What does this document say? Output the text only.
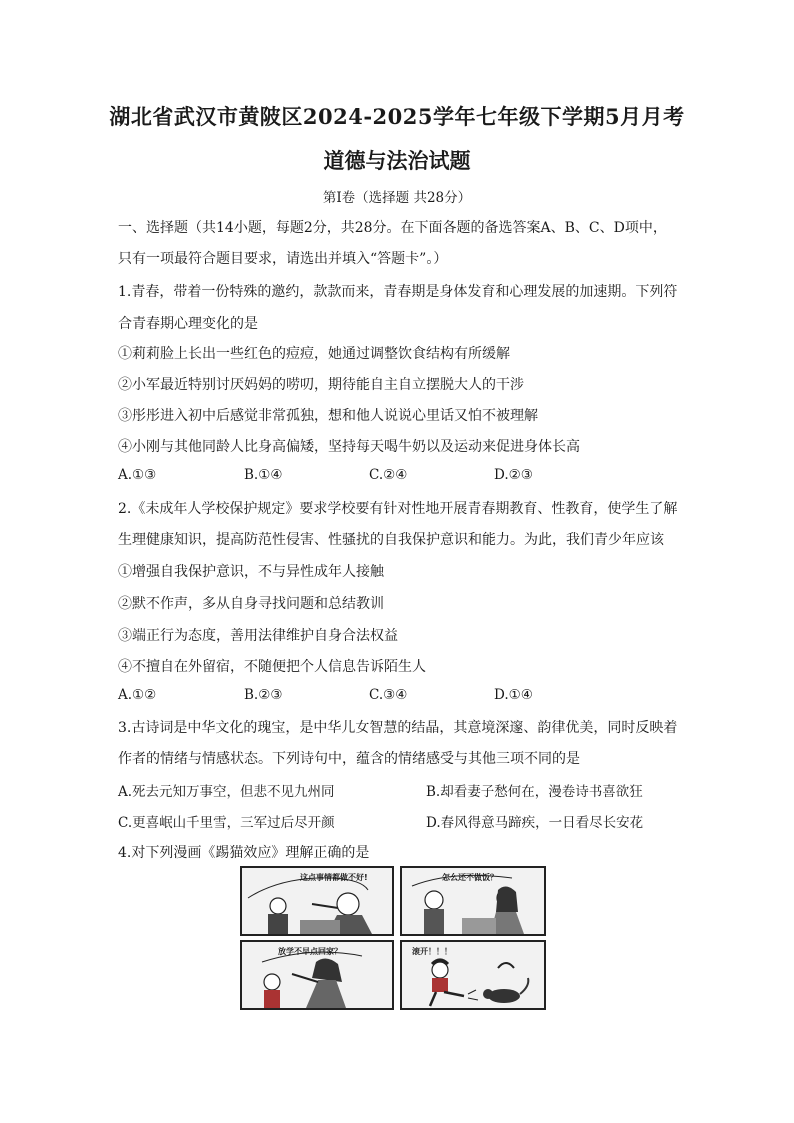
湖北省武汉市黄陂区2024-2025学年七年级下学期5月月考
道德与法治试题
第Ⅰ卷（选择题 共28分）
一、选择题（共14小题，每题2分，共28分。在下面各题的备选答案A、B、C、D项中，
只有一项最符合题目要求，请选出并填入“答题卡”。）
1.青春，带着一份特殊的邀约，款款而来，青春期是身体发育和心理发展的加速期。下列符
合青春期心理变化的是
①莉莉脸上长出一些红色的痘痘，她通过调整饮食结构有所缓解
②小军最近特别讨厌妈妈的唠叨，期待能自主自立摆脱大人的干涉
③彤彤进入初中后感觉非常孤独，想和他人说说心里话又怕不被理解
④小刚与其他同龄人比身高偏矮，坚持每天喝牛奶以及运动来促进身体长高
A.①③	B.①④	C.②④	D.②③
2.《未成年人学校保护规定》要求学校要有针对性地开展青春期教育、性教育，使学生了解
生理健康知识，提高防范性侵害、性骚扰的自我保护意识和能力。为此，我们青少年应该
①增强自我保护意识，不与异性成年人接触
②默不作声，多从自身寻找问题和总结教训
③端正行为态度，善用法律维护自身合法权益
④不擅自在外留宿，不随便把个人信息告诉陌生人
A.①②	B.②③	C.③④	D.①④
3.古诗词是中华文化的瑰宝，是中华儿女智慧的结晶，其意境深邃、韵律优美，同时反映着
作者的情绪与情感状态。下列诗句中，蕴含的情绪感受与其他三项不同的是
A.死去元知万事空，但悲不见九州同	B.却看妻子愁何在，漫卷诗书喜欲狂
C.更喜岷山千里雪，三军过后尽开颜	D.春风得意马蹄疾，一日看尽长安花
4.对下列漫画《踢猫效应》理解正确的是
这点事情都做不好!	怎么还不做饭？
放学不早点回家？	滚开！！！
